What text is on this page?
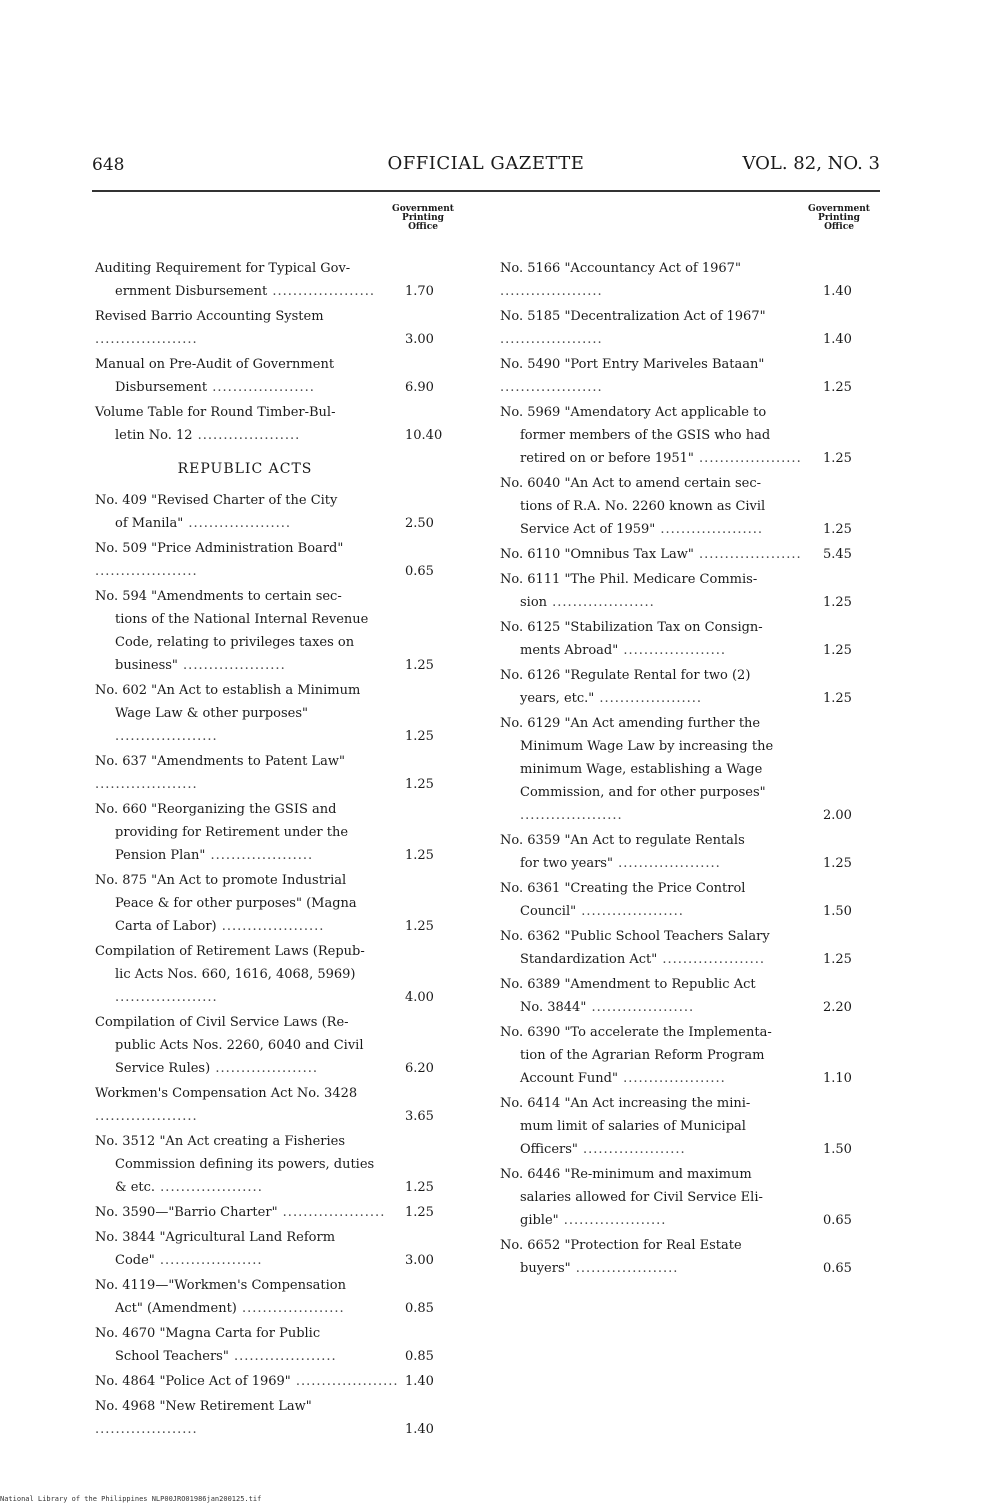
648	OFFICIAL GAZETTE	VOL. 82, NO. 3
Government
Printing
Office
Auditing Requirement for Typical Gov-
ernment Disbursement ....................	1.70
Revised Barrio Accounting System ....................	3.00
Manual on Pre-Audit of Government
Disbursement ....................	6.90
Volume Table for Round Timber-Bul-
letin No. 12 ....................	10.40
REPUBLIC ACTS
No. 409 "Revised Charter of the City
of Manila" ....................	2.50
No. 509 "Price Administration Board" ....................	0.65
No. 594 "Amendments to certain sec-
tions of the National Internal Revenue
Code, relating to privileges taxes on
business" ....................	1.25
No. 602 "An Act to establish a Minimum
Wage Law & other purposes" ....................	1.25
No. 637 "Amendments to Patent Law" ....................	1.25
No. 660 "Reorganizing the GSIS and
providing for Retirement under the
Pension Plan" ....................	1.25
No. 875 "An Act to promote Industrial
Peace & for other purposes" (Magna
Carta of Labor) ....................	1.25
Compilation of Retirement Laws (Repub-
lic Acts Nos. 660, 1616, 4068, 5969) ....................	4.00
Compilation of Civil Service Laws (Re-
public Acts Nos. 2260, 6040 and Civil
Service Rules) ....................	6.20
Workmen's Compensation Act No. 3428 ....................	3.65
No. 3512 "An Act creating a Fisheries
Commission defining its powers, duties
& etc. ....................	1.25
No. 3590—"Barrio Charter" ....................	1.25
No. 3844 "Agricultural Land Reform
Code" ....................	3.00
No. 4119—"Workmen's Compensation
Act" (Amendment) ....................	0.85
No. 4670 "Magna Carta for Public
School Teachers" ....................	0.85
No. 4864 "Police Act of 1969" .................... 1.40
No. 4968 "New Retirement Law" ....................	1.40
Government
Printing
Office
No. 5166 "Accountancy Act of 1967" ....................	1.40
No. 5185 "Decentralization Act of 1967" ....................	1.40
No. 5490 "Port Entry Mariveles Bataan" ....................	1.25
No. 5969 "Amendatory Act applicable to
former members of the GSIS who had
retired on or before 1951" ....................	1.25
No. 6040 "An Act to amend certain sec-
tions of R.A. No. 2260 known as Civil
Service Act of 1959" ....................	1.25
No. 6110 "Omnibus Tax Law" ....................	5.45
No. 6111 "The Phil. Medicare Commis-
sion ....................	1.25
No. 6125 "Stabilization Tax on Consign-
ments Abroad" ....................	1.25
No. 6126 "Regulate Rental for two (2)
years, etc." ....................	1.25
No. 6129 "An Act amending further the
Minimum Wage Law by increasing the
minimum Wage, establishing a Wage
Commission, and for other purposes" ....................	2.00
No. 6359 "An Act to regulate Rentals
for two years" ....................	1.25
No. 6361 "Creating the Price Control
Council" ....................	1.50
No. 6362 "Public School Teachers Salary
Standardization Act" ....................	1.25
No. 6389 "Amendment to Republic Act
No. 3844" ....................	2.20
No. 6390 "To accelerate the Implementa-
tion of the Agrarian Reform Program
Account Fund" ....................	1.10
No. 6414 "An Act increasing the mini-
mum limit of salaries of Municipal
Officers" ....................	1.50
No. 6446 "Re-minimum and maximum
salaries allowed for Civil Service Eli-
gible" ....................	0.65
No. 6652 "Protection for Real Estate
buyers" ....................	0.65
National Library of the Philippines NLP00JRO01986jan200125.tif
